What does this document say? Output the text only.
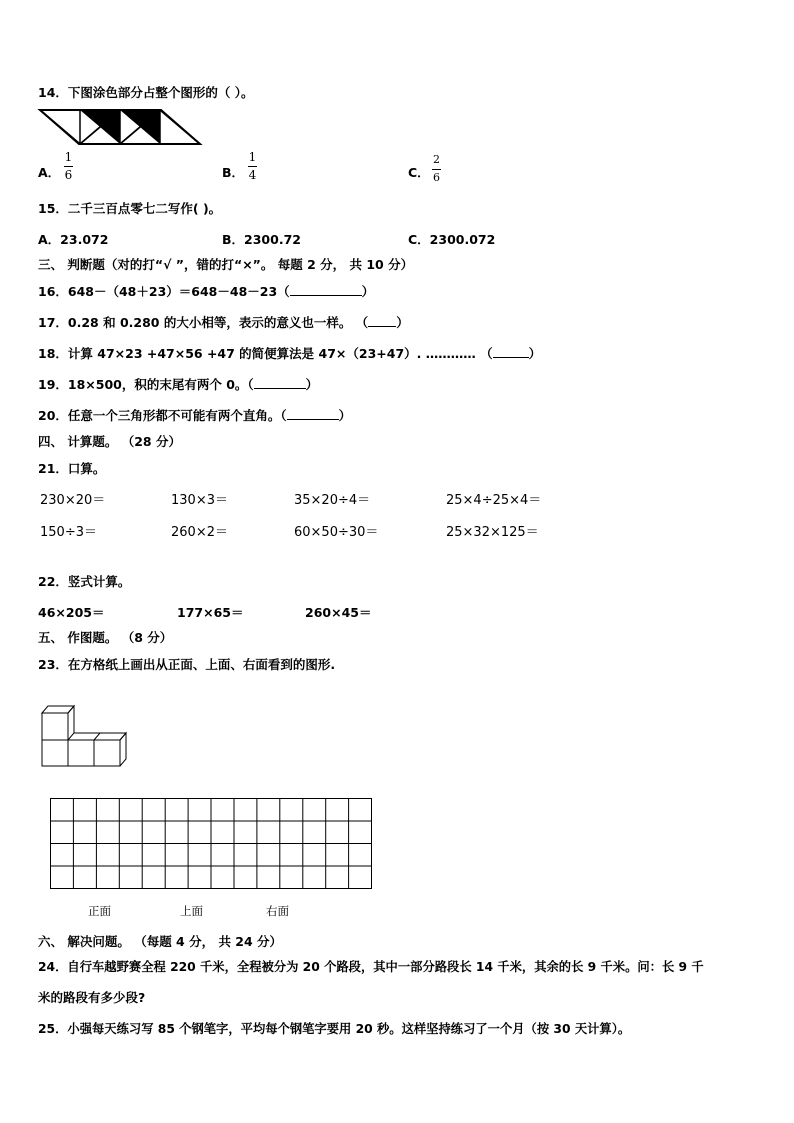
14．下图涂色部分占整个图形的（ ）。
A．
1
6	B．
1
4	C．
2
6
15．二千三百点零七二写作( )。
A．23.072	B．2300.72	C．2300.072
三、 判断题（对的打“√ ”，错的打“×”。 每题 2 分， 共 10 分）
16．648－（48＋23）＝648－48－23（	）
17．0.28 和 0.280 的大小相等，表示的意义也一样。 （ ）
18．计算 47×23 +47×56 +47 的简便算法是 47×（23+47）. ………… （	）
19．18×500，积的末尾有两个 0。（	）
20．任意一个三角形都不可能有两个直角。（	）
四、 计算题。 （28 分）
21．口算。
230×20＝	130×3＝	35×20÷4＝	25×4÷25×4＝
150÷3＝	260×2＝	60×50÷30＝	25×32×125＝
22．竖式计算。
46×205＝	177×65＝	260×45＝
五、 作图题。 （8 分）
23．在方格纸上画出从正面、上面、右面看到的图形.
正面	上面	右面
六、 解决问题。 （每题 4 分， 共 24 分）
24．自行车越野赛全程 220 千米，全程被分为 20 个路段，其中一部分路段长 14 千米，其余的长 9 千米。问：长 9 千
米的路段有多少段?
25．小强每天练习写 85 个钢笔字，平均每个钢笔字要用 20 秒。这样坚持练习了一个月（按 30 天计算）。
